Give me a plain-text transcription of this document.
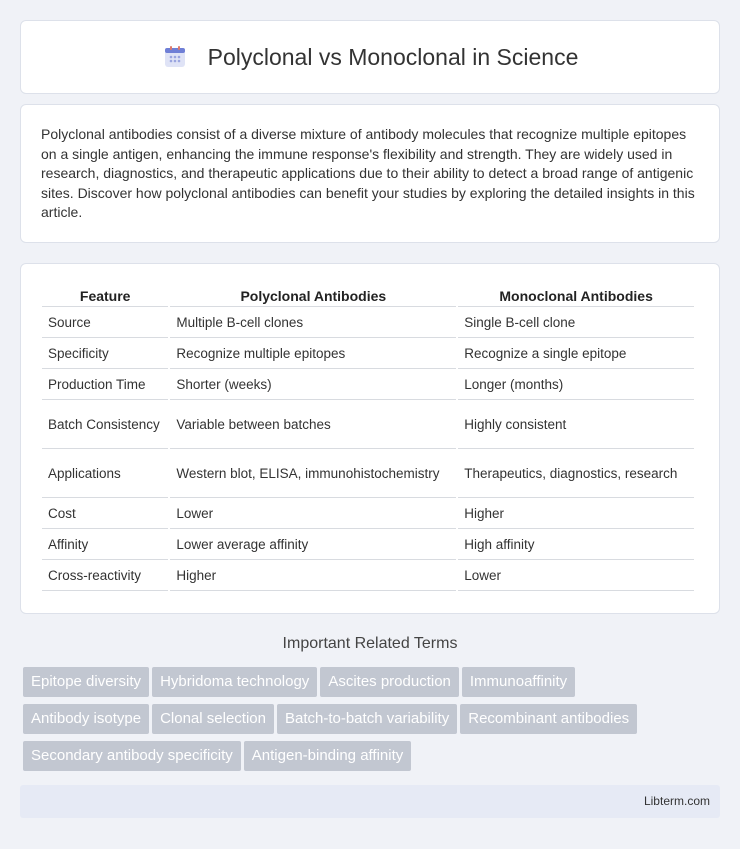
Polyclonal vs Monoclonal in Science

Polyclonal antibodies consist of a diverse mixture of antibody molecules that recognize multiple epitopes on a single antigen, enhancing the immune response's flexibility and strength. They are widely used in research, diagnostics, and therapeutic applications due to their ability to detect a broad range of antigenic sites. Discover how polyclonal antibodies can benefit your studies by exploring the detailed insights in this article.

Feature	Polyclonal Antibodies	Monoclonal Antibodies
Source	Multiple B-cell clones	Single B-cell clone
Specificity	Recognize multiple epitopes	Recognize a single epitope
Production Time	Shorter (weeks)	Longer (months)
Batch Consistency	Variable between batches	Highly consistent
Applications	Western blot, ELISA, immunohistochemistry	Therapeutics, diagnostics, research
Cost	Lower	Higher
Affinity	Lower average affinity	High affinity
Cross-reactivity	Higher	Lower
Important Related Terms
Epitope diversity Hybridoma technology Ascites production Immunoaffinity
Antibody isotype Clonal selection Batch-to-batch variability Recombinant antibodies
Secondary antibody specificity Antigen-binding affinity
Libterm.com
